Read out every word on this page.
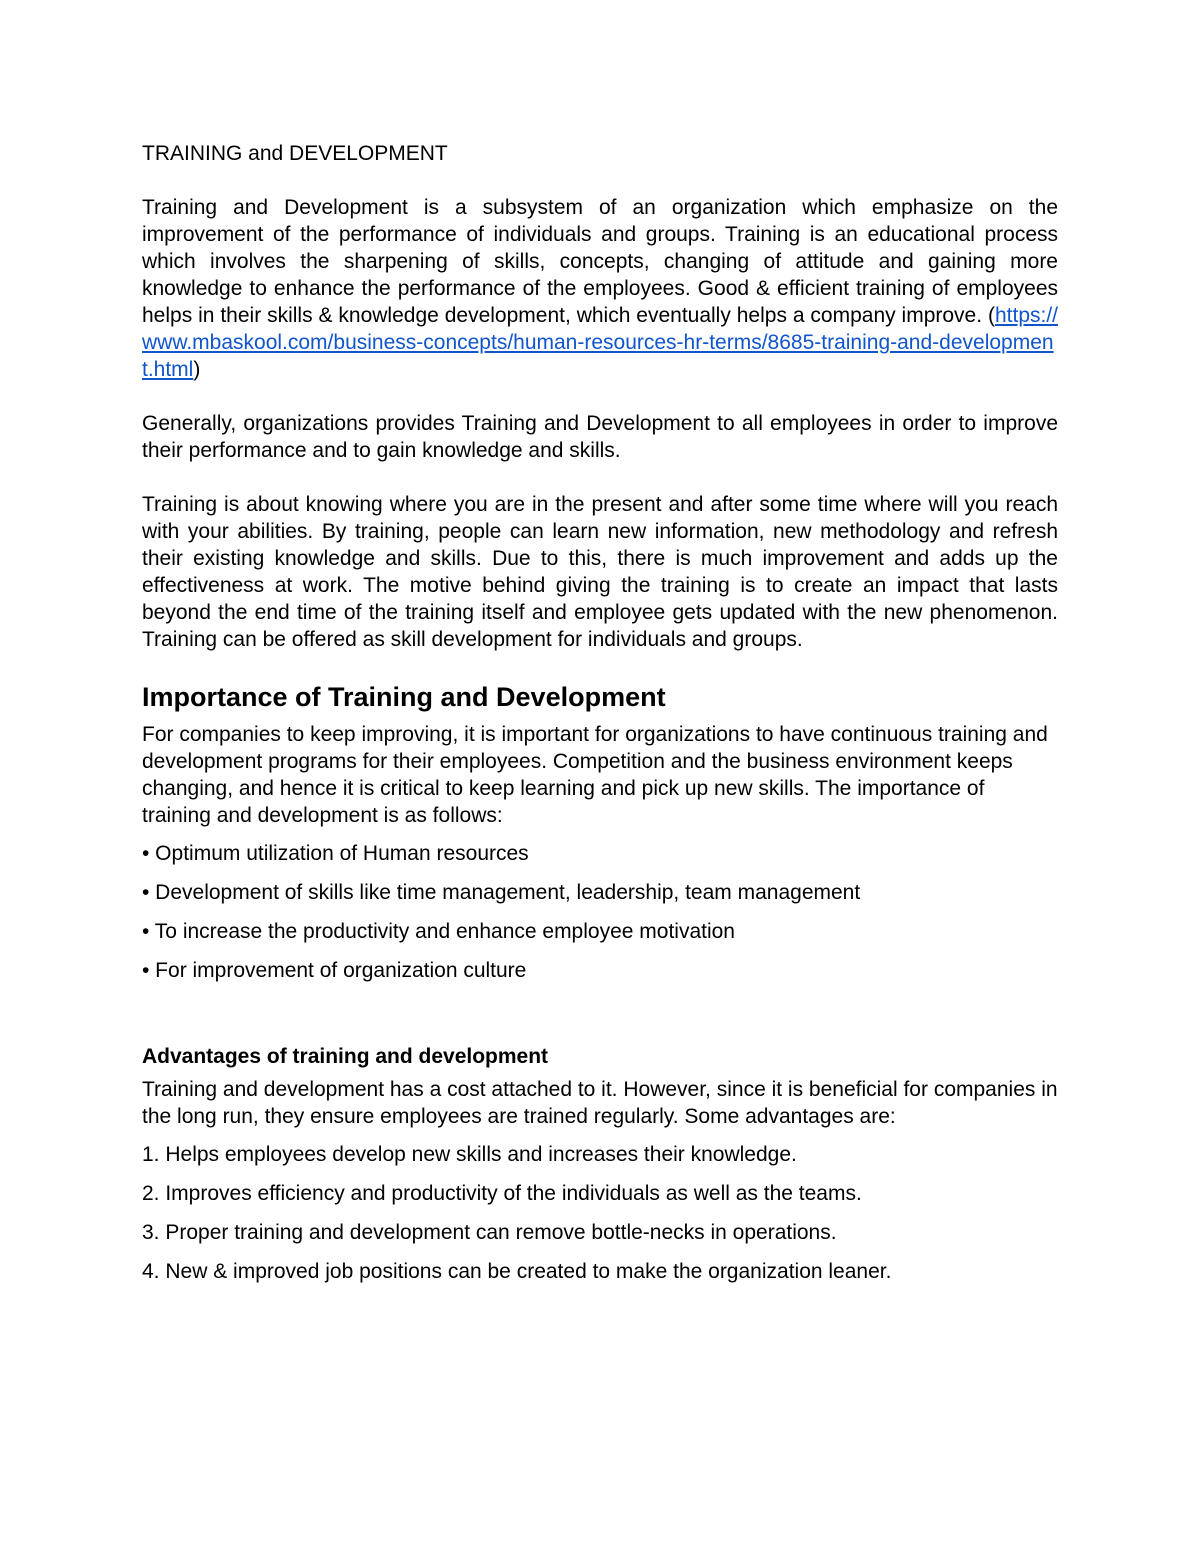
TRAINING and DEVELOPMENT

Training and Development is a subsystem of an organization which emphasize on the improvement of the performance of individuals and groups. Training is an educational process which involves the sharpening of skills, concepts, changing of attitude and gaining more knowledge to enhance the performance of the employees. Good & efficient training of employees helps in their skills & knowledge development, which eventually helps a company improve. (https://www.mbaskool.com/business-concepts/human-resources-hr-terms/8685-training-and-development.html)

Generally, organizations provides Training and Development to all employees in order to improve their performance and to gain knowledge and skills.

Training is about knowing where you are in the present and after some time where will you reach with your abilities. By training, people can learn new information, new methodology and refresh their existing knowledge and skills. Due to this, there is much improvement and adds up the effectiveness at work. The motive behind giving the training is to create an impact that lasts beyond the end time of the training itself and employee gets updated with the new phenomenon. Training can be offered as skill development for individuals and groups.

Importance of Training and Development

For companies to keep improving, it is important for organizations to have continuous training and development programs for their employees. Competition and the business environment keeps changing, and hence it is critical to keep learning and pick up new skills. The importance of training and development is as follows:

• Optimum utilization of Human resources
• Development of skills like time management, leadership, team management
• To increase the productivity and enhance employee motivation
• For improvement of organization culture
Advantages of training and development

Training and development has a cost attached to it. However, since it is beneficial for companies in the long run, they ensure employees are trained regularly. Some advantages are:

1. Helps employees develop new skills and increases their knowledge.
2. Improves efficiency and productivity of the individuals as well as the teams.
3. Proper training and development can remove bottle-necks in operations.
4. New & improved job positions can be created to make the organization leaner.
